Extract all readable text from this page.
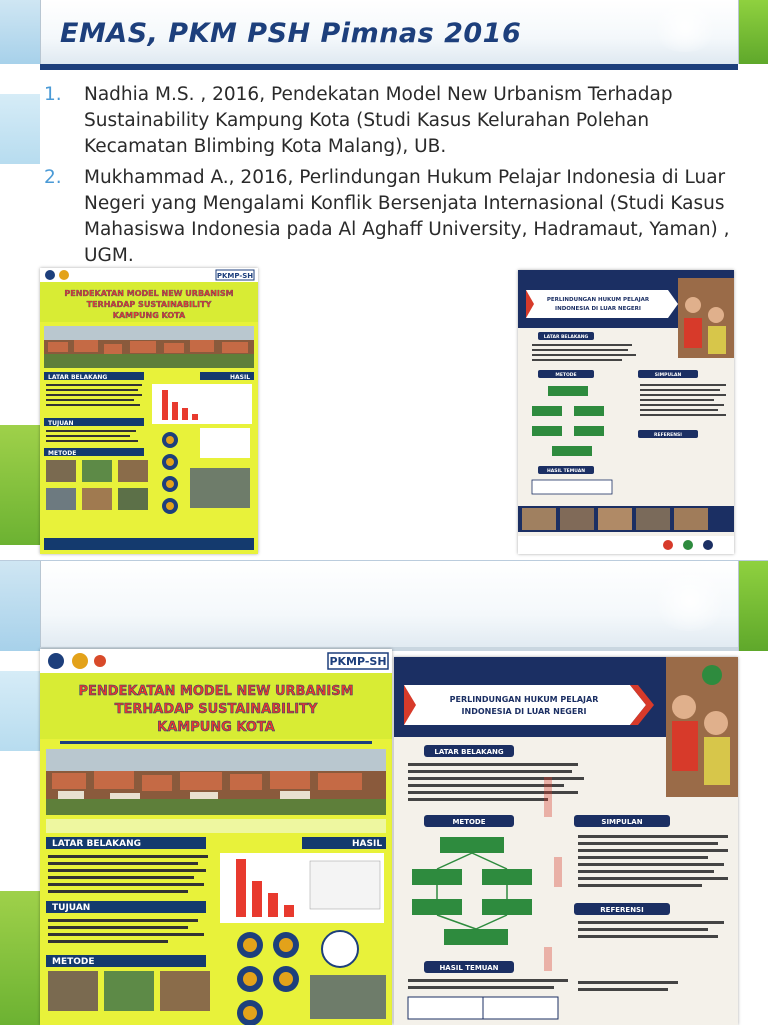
EMAS, PKM PSH Pimnas 2016
1.	Nadhia M.S. , 2016, Pendekatan Model New Urbanism Terhadap Sustainability Kampung Kota (Studi Kasus Kelurahan Polehan Kecamatan Blimbing Kota Malang), UB.
2.	Mukhammad A., 2016, Perlindungan Hukum Pelajar Indonesia di Luar Negeri yang Mengalami Konflik Bersenjata Internasional (Studi Kasus Mahasiswa Indonesia pada Al Aghaff University, Hadramaut, Yaman) , UGM.
PKMP-SH
PENDEKATAN MODEL NEW URBANISM
TERHADAP SUSTAINABILITY
KAMPUNG KOTA
LATAR BELAKANG	HASIL
TUJUAN
METODE
PERLINDUNGAN HUKUM PELAJAR
INDONESIA DI LUAR NEGERI
LATAR BELAKANG
METODE	SIMPULAN
REFERENSI
HASIL TEMUAN
PKMP-SH
PENDEKATAN MODEL NEW URBANISM
TERHADAP SUSTAINABILITY
KAMPUNG KOTA
LATAR BELAKANG	HASIL
TUJUAN
METODE
PERLINDUNGAN HUKUM PELAJAR
INDONESIA DI LUAR NEGERI
LATAR BELAKANG
METODE	SIMPULAN
REFERENSI
HASIL TEMUAN
